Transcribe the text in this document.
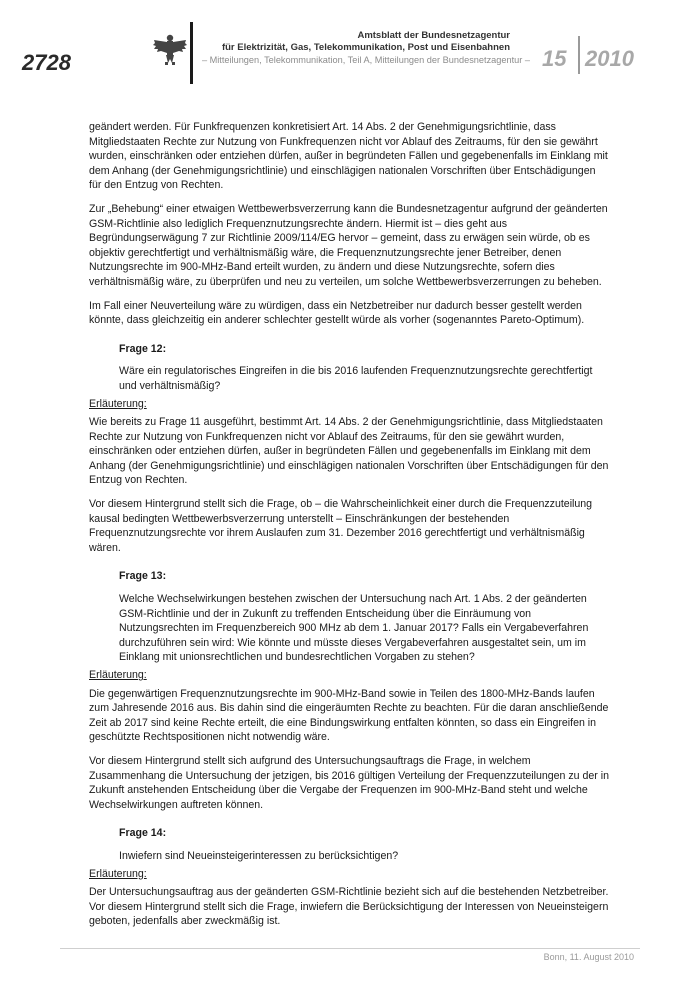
2728
Amtsblatt der Bundesnetzagentur
für Elektrizität, Gas, Telekommunikation, Post und Eisenbahnen
– Mitteilungen, Telekommunikation, Teil A, Mitteilungen der Bundesnetzagentur – 15 2010

geändert werden. Für Funkfrequenzen konkretisiert Art. 14 Abs. 2 der Genehmigungsrichtlinie, dass Mitgliedstaaten Rechte zur Nutzung von Funkfrequenzen nicht vor Ablauf des Zeitraums, für den sie gewährt wurden, einschränken oder entziehen dürfen, außer in begründeten Fällen und gegebenenfalls im Einklang mit dem Anhang (der Genehmigungsrichtlinie) und einschlägigen nationalen Vorschriften über Entschädigungen für den Entzug von Rechten.

Zur „Behebung“ einer etwaigen Wettbewerbsverzerrung kann die Bundesnetzagentur aufgrund der geänderten GSM-Richtlinie also lediglich Frequenznutzungsrechte ändern. Hiermit ist – dies geht aus Begründungserwägung 7 zur Richtlinie 2009/114/EG hervor – gemeint, dass zu erwägen sein würde, ob es objektiv gerechtfertigt und verhältnismäßig wäre, die Frequenznutzungsrechte jener Betreiber, denen Nutzungsrechte im 900-MHz-Band erteilt wurden, zu ändern und diese Nutzungsrechte, sofern dies verhältnismäßig wäre, zu überprüfen und neu zu verteilen, um solche Wettbewerbsverzerrungen zu beheben.

Im Fall einer Neuverteilung wäre zu würdigen, dass ein Netzbetreiber nur dadurch besser gestellt werden könnte, dass gleichzeitig ein anderer schlechter gestellt würde als vorher (sogenanntes Pareto-Optimum).

Frage 12:
Wäre ein regulatorisches Eingreifen in die bis 2016 laufenden Frequenznutzungsrechte gerechtfertigt und verhältnismäßig?
Erläuterung:

Wie bereits zu Frage 11 ausgeführt, bestimmt Art. 14 Abs. 2 der Genehmigungsrichtlinie, dass Mitgliedstaaten Rechte zur Nutzung von Funkfrequenzen nicht vor Ablauf des Zeitraums, für den sie gewährt wurden, einschränken oder entziehen dürfen, außer in begründeten Fällen und gegebenenfalls im Einklang mit dem Anhang (der Genehmigungsrichtlinie) und einschlägigen nationalen Vorschriften über Entschädigungen für den Entzug von Rechten.

Vor diesem Hintergrund stellt sich die Frage, ob – die Wahrscheinlichkeit einer durch die Frequenzzuteilung kausal bedingten Wettbewerbsverzerrung unterstellt – Einschränkungen der bestehenden Frequenznutzungsrechte vor ihrem Auslaufen zum 31. Dezember 2016 gerechtfertigt und verhältnismäßig wären.

Frage 13:
Welche Wechselwirkungen bestehen zwischen der Untersuchung nach Art. 1 Abs. 2 der geänderten GSM-Richtlinie und der in Zukunft zu treffenden Entscheidung über die Einräumung von Nutzungsrechten im Frequenzbereich 900 MHz ab dem 1. Januar 2017? Falls ein Vergabeverfahren durchzuführen sein wird: Wie könnte und müsste dieses Vergabeverfahren ausgestaltet sein, um im Einklang mit unionsrechtlichen und bundesrechtlichen Vorgaben zu stehen?
Erläuterung:

Die gegenwärtigen Frequenznutzungsrechte im 900-MHz-Band sowie in Teilen des 1800-MHz-Bands laufen zum Jahresende 2016 aus. Bis dahin sind die eingeräumten Rechte zu beachten. Für die daran anschließende Zeit ab 2017 sind keine Rechte erteilt, die eine Bindungswirkung entfalten könnten, so dass ein Eingreifen in geschützte Rechtspositionen nicht notwendig wäre.

Vor diesem Hintergrund stellt sich aufgrund des Untersuchungsauftrags die Frage, in welchem Zusammenhang die Untersuchung der jetzigen, bis 2016 gültigen Verteilung der Frequenzzuteilungen zu der in Zukunft anstehenden Entscheidung über die Vergabe der Frequenzen im 900-MHz-Band steht und welche Wechselwirkungen auftreten können.

Frage 14:
Inwiefern sind Neueinsteigerinteressen zu berücksichtigen?
Erläuterung:

Der Untersuchungsauftrag aus der geänderten GSM-Richtlinie bezieht sich auf die bestehenden Netzbetreiber. Vor diesem Hintergrund stellt sich die Frage, inwiefern die Berücksichtigung der Interessen von Neueinsteigern geboten, jedenfalls aber zweckmäßig ist.

Bonn, 11. August 2010
